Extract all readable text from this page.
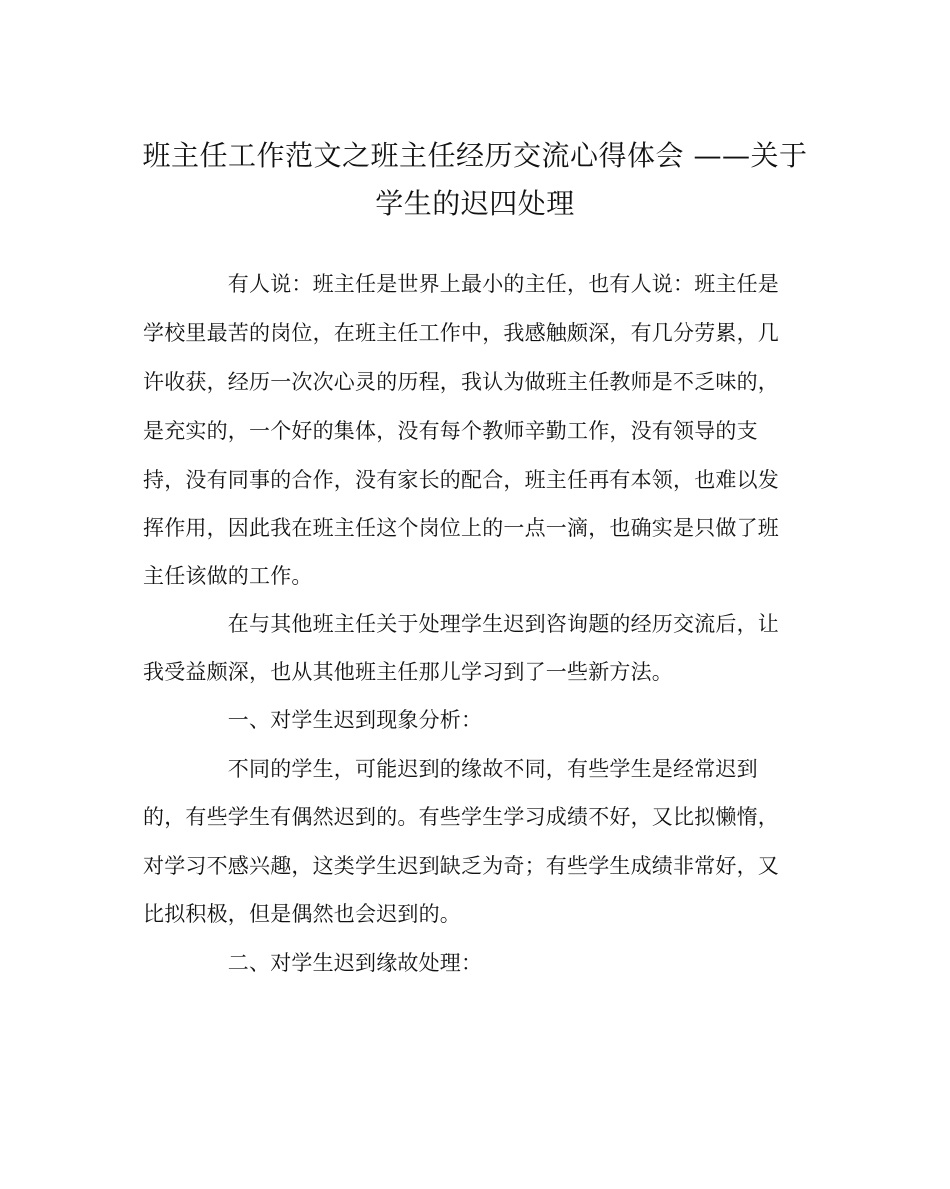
班主任工作范文之班主任经历交流心得体会 ——关于
学生的迟四处理
　　　　有人说：班主任是世界上最小的主任，也有人说：班主任是
学校里最苦的岗位，在班主任工作中，我感触颇深，有几分劳累，几
许收获，经历一次次心灵的历程，我认为做班主任教师是不乏味的，
是充实的，一个好的集体，没有每个教师辛勤工作，没有领导的支
持，没有同事的合作，没有家长的配合，班主任再有本领，也难以发
挥作用，因此我在班主任这个岗位上的一点一滴，也确实是只做了班
主任该做的工作。
　　　　在与其他班主任关于处理学生迟到咨询题的经历交流后，让
我受益颇深，也从其他班主任那儿学习到了一些新方法。
　　　　一、对学生迟到现象分析：
　　　　不同的学生，可能迟到的缘故不同，有些学生是经常迟到
的，有些学生有偶然迟到的。有些学生学习成绩不好，又比拟懒惰，
对学习不感兴趣，这类学生迟到缺乏为奇；有些学生成绩非常好，又
比拟积极，但是偶然也会迟到的。
　　　　二、对学生迟到缘故处理：
